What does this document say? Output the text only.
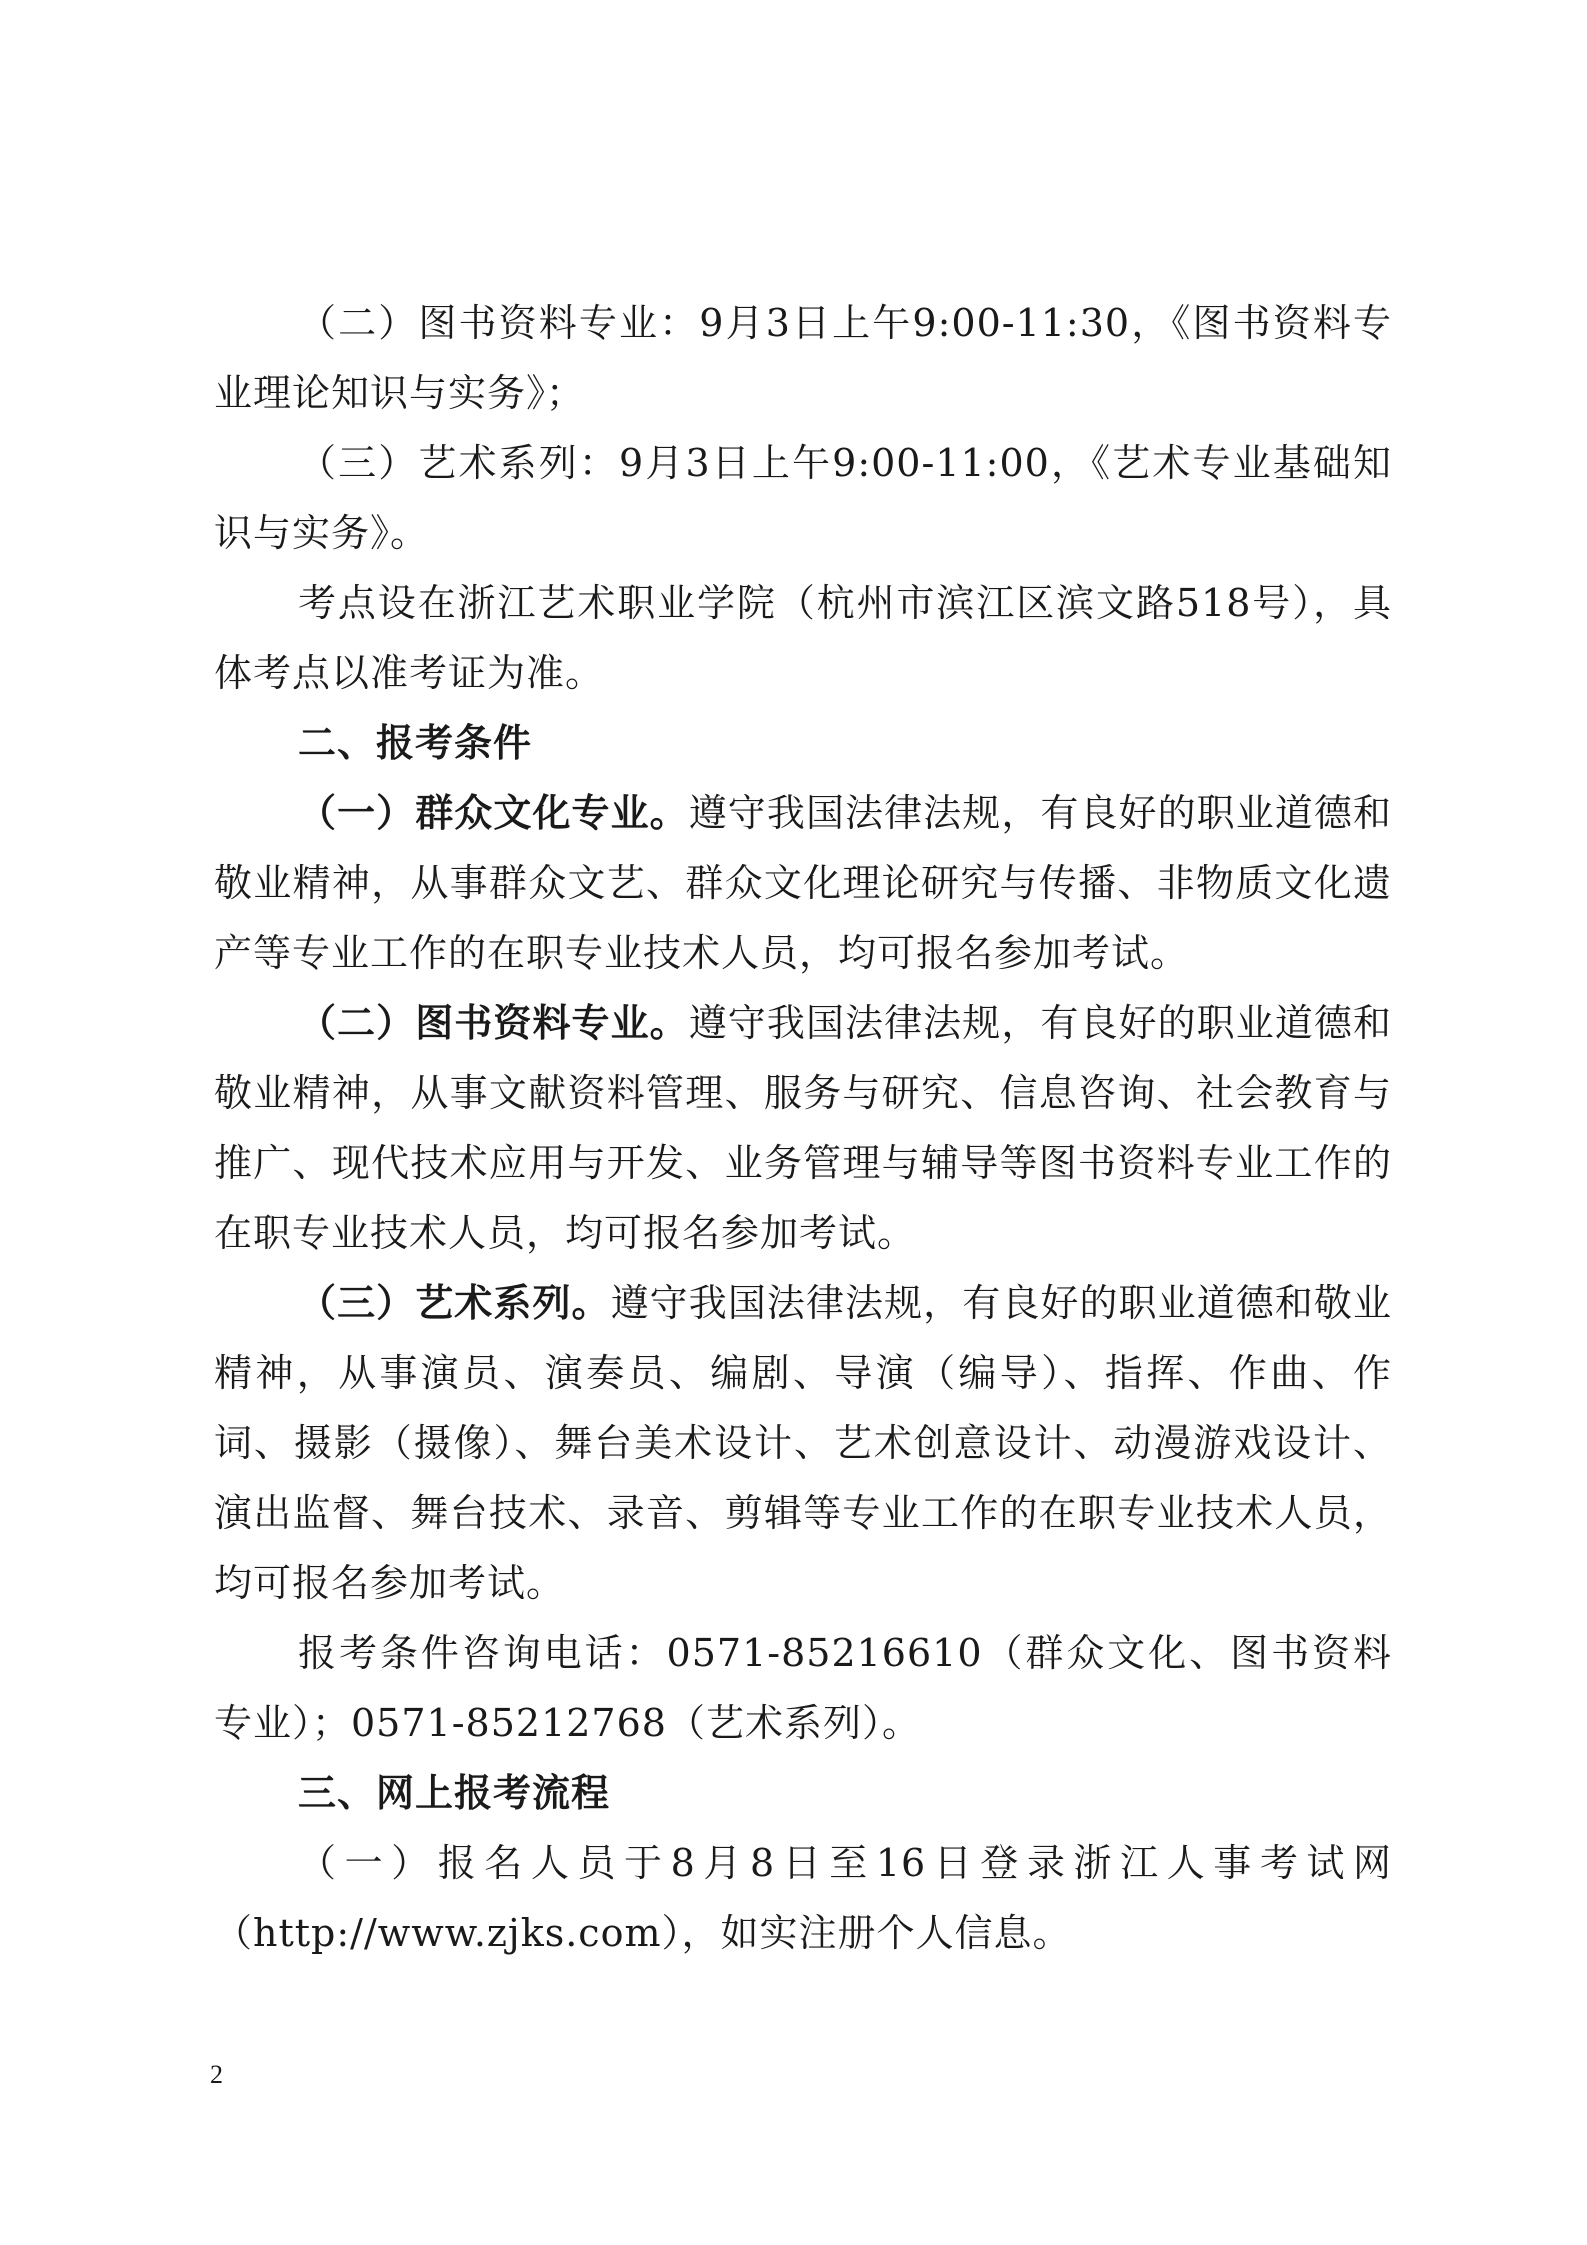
（二）图书资料专业：9月3日上午9:00-11:30，《图书资料专业理论知识与实务》；

（三）艺术系列：9月3日上午9:00-11:00，《艺术专业基础知识与实务》。

考点设在浙江艺术职业学院（杭州市滨江区滨文路518号），具体考点以准考证为准。

二、报考条件

（一）群众文化专业。遵守我国法律法规，有良好的职业道德和敬业精神，从事群众文艺、群众文化理论研究与传播、非物质文化遗产等专业工作的在职专业技术人员，均可报名参加考试。

（二）图书资料专业。遵守我国法律法规，有良好的职业道德和敬业精神，从事文献资料管理、服务与研究、信息咨询、社会教育与推广、现代技术应用与开发、业务管理与辅导等图书资料专业工作的在职专业技术人员，均可报名参加考试。

（三）艺术系列。遵守我国法律法规，有良好的职业道德和敬业精神，从事演员、演奏员、编剧、导演（编导）、指挥、作曲、作词、摄影（摄像）、舞台美术设计、艺术创意设计、动漫游戏设计、演出监督、舞台技术、录音、剪辑等专业工作的在职专业技术人员，均可报名参加考试。

报考条件咨询电话：0571-85216610（群众文化、图书资料专业）；0571-85212768（艺术系列）。

三、网上报考流程

（一）报名人员于8月8日至16日登录浙江人事考试网（http://www.zjks.com），如实注册个人信息。

2
